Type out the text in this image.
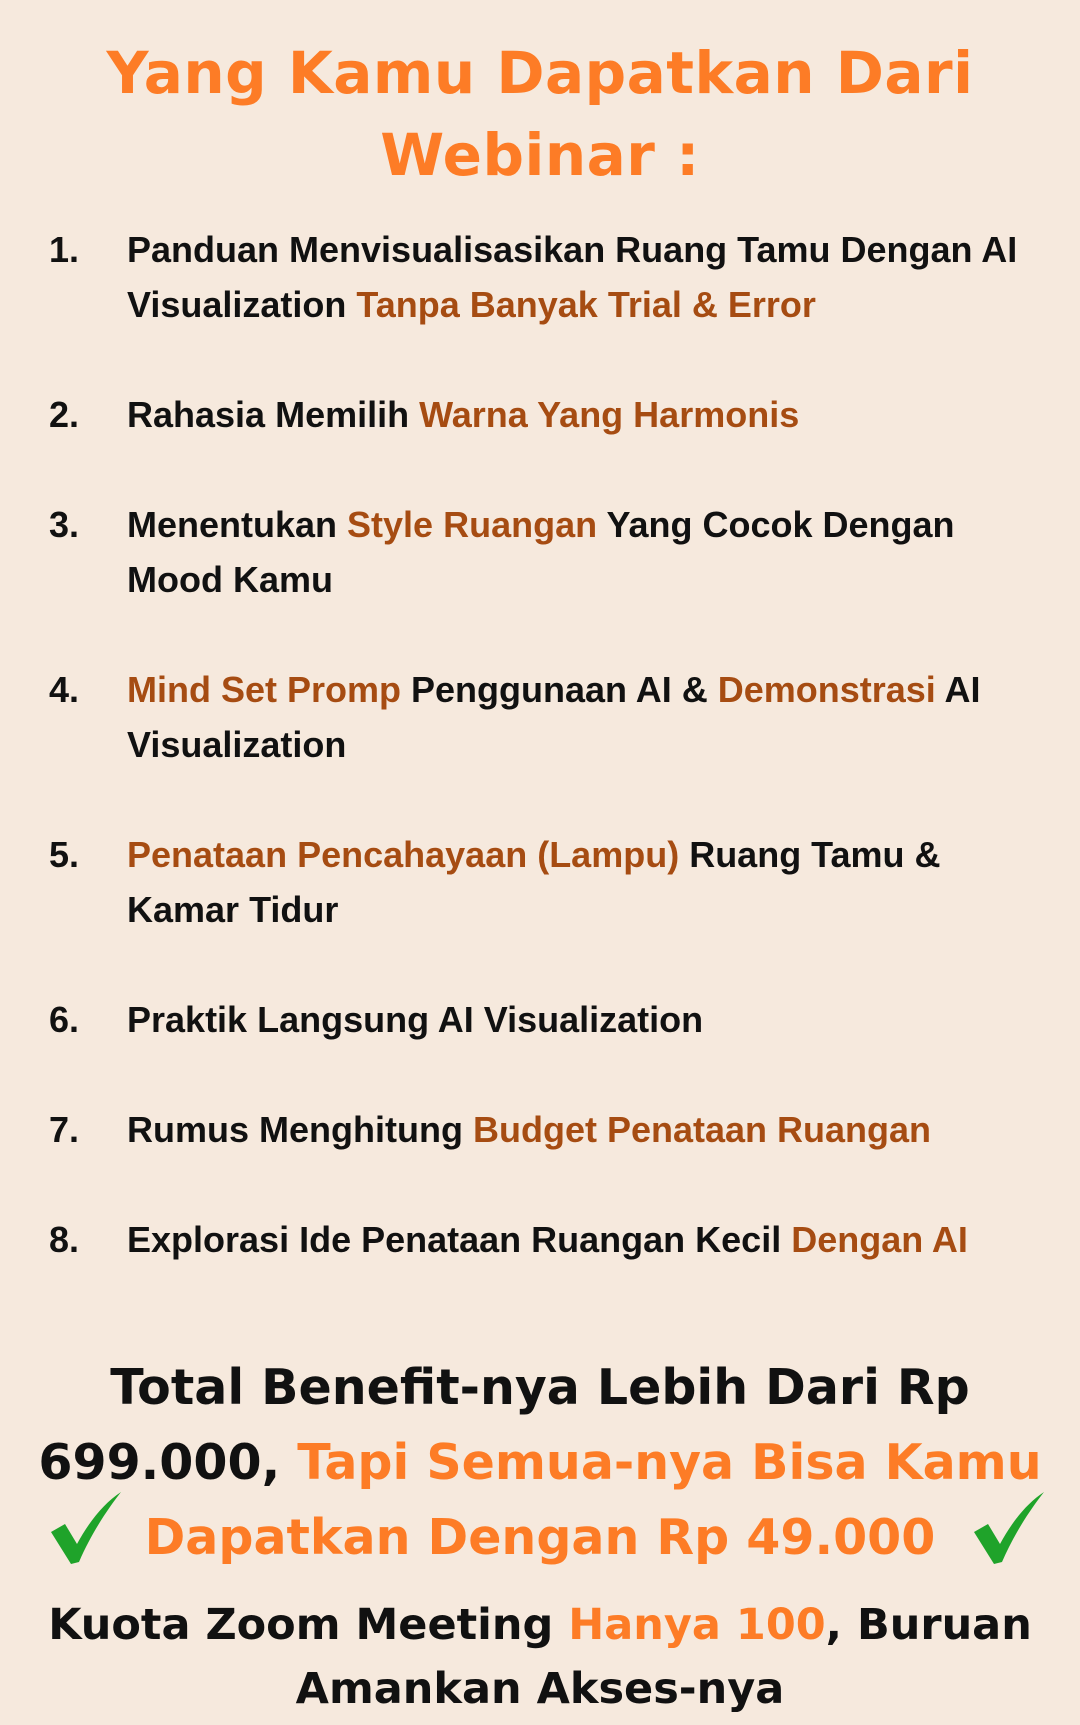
Yang Kamu Dapatkan Dari
Webinar :
1.	Panduan Menvisualisasikan Ruang Tamu Dengan AI Visualization Tanpa Banyak Trial & Error
2.	Rahasia Memilih Warna Yang Harmonis
3.	Menentukan Style Ruangan Yang Cocok Dengan Mood Kamu
4.	Mind Set Promp Penggunaan AI & Demonstrasi AI Visualization
5.	Penataan Pencahayaan (Lampu) Ruang Tamu & Kamar Tidur
6.	Praktik Langsung AI Visualization
7.	Rumus Menghitung Budget Penataan Ruangan
8.	Explorasi Ide Penataan Ruangan Kecil Dengan AI
Total Benefit-nya Lebih Dari Rp
699.000, Tapi Semua-nya Bisa Kamu
Dapatkan Dengan Rp 49.000
Kuota Zoom Meeting Hanya 100, Buruan
Amankan Akses-nya
